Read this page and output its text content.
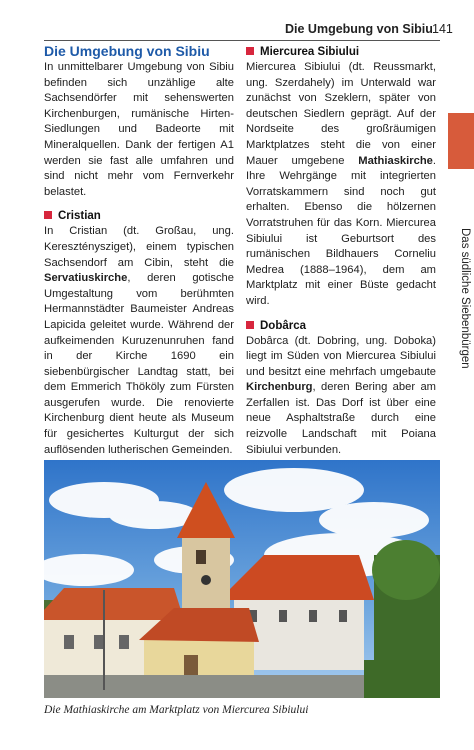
Die Umgebung von Sibiu 141
Das südliche Siebenbürgen
Die Umgebung von Sibiu

In unmittelbarer Umgebung von Sibiu befinden sich unzählige alte Sachsendörfer mit sehenswerten Kirchenburgen, rumänische Hirten-Siedlungen und Badeorte mit Mineralquellen. Dank der fertigen A1 werden sie fast alle umfahren und sind nicht mehr vom Fernverkehr belastet.

Cristian

In Cristian (dt. Großau, ung. Kereszténysziget), einem typischen Sachsendorf am Cibin, steht die Servatiuskirche, deren gotische Umgestaltung vom berühmten Hermannstädter Baumeister Andreas Lapicida geleitet wurde. Während der aufkeimenden Kuruzenunruhen fand in der Kirche 1690 ein siebenbürgischer Landtag statt, bei dem Emmerich Thököly zum Fürsten ausgerufen wurde. Die renovierte Kirchenburg dient heute als Museum für gesichertes Kulturgut der sich auflösenden lutherischen Gemeinden.

Miercurea Sibiului

Miercurea Sibiului (dt. Reussmarkt, ung. Szerdahely) im Unterwald war zunächst von Szeklern, später von deutschen Siedlern geprägt. Auf der Nordseite des großräumigen Marktplatzes steht die von einer Mauer umgebene Mathiaskirche. Ihre Wehrgänge mit integrierten Vorratskammern sind noch gut erhalten. Ebenso die hölzernen Vorratstruhen für das Korn. Miercurea Sibiului ist Geburtsort des rumänischen Bildhauers Corneliu Medrea (1888–1964), dem am Marktplatz mit einer Büste gedacht wird.

Dobârca

Dobârca (dt. Dobring, ung. Doboka) liegt im Süden von Miercurea Sibiului und besitzt eine mehrfach umgebaute Kirchenburg, deren Bering aber am Zerfallen ist. Das Dorf ist über eine neue Asphaltstraße durch eine reizvolle Landschaft mit Poiana Sibiului verbunden.

Die Mathiaskirche am Marktplatz von Miercurea Sibiului
